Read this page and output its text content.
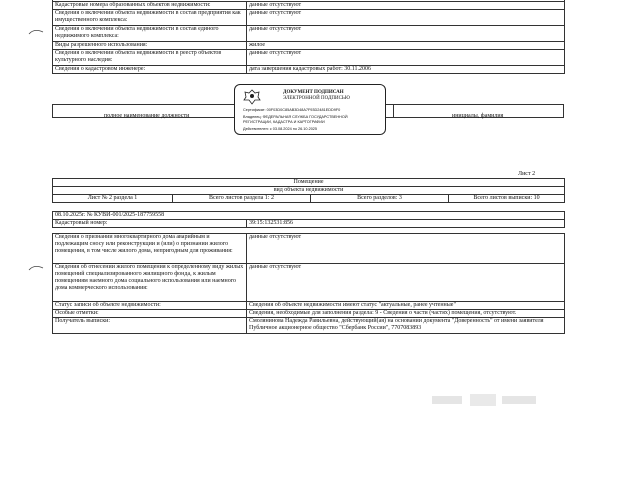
Кадастровые номера образованных объектов недвижимости:	данные отсутствуют
Сведения о включении объекта недвижимости в состав предприятия как имущественного комплекса:	данные отсутствуют
Сведения о включении объекта недвижимости в состав единого недвижимого комплекса:	данные отсутствуют
Виды разрешенного использования:	жилое
Сведения о включении объекта недвижимости в реестр объектов культурного наследия:	данные отсутствуют
Сведения о кадастровом инженере:	дата завершения кадастровых работ: 30.11.2006
полное наименование должности	инициалы, фамилия
ДОКУМЕНТ ПОДПИСАН
ЭЛЕКТРОННОЙ ПОДПИСЬЮ
Сертификат: 00F03D0C85AB3D48A7F93D2481EDD9F0
Владелец: ФЕДЕРАЛЬНАЯ СЛУЖБА ГОСУДАРСТВЕННОЙ РЕГИСТРАЦИИ, КАДАСТРА И КАРТОГРАФИИ
Действителен: с 03.08.2024 по 26.10.2025
Лист 2
Помещение
вид объекта недвижимости
Лист № 2 раздела 1	Всего листов раздела 1: 2	Всего разделов: 3	Всего листов выписки: 10
08.10.2025г. № КУВИ-001/2025-187759558
Кадастровый номер:	39:15:132531:856
Сведения о признании многоквартирного дома аварийным и подлежащим сносу или реконструкции и (или) о признании жилого помещения, в том числе жилого дома, непригодным для проживания:	данные отсутствуют
Сведения об отнесении жилого помещения к определенному виду жилых помещений специализированного жилищного фонда, к жилым помещениям наемного дома социального использования или наемного дома коммерческого использования:	данные отсутствуют
Статус записи об объекте недвижимости:	Сведения об объекте недвижимости имеют статус "актуальные, ранее учтенные"
Особые отметки:	Сведения, необходимые для заполнения раздела: 9 - Сведения о части (частях) помещения, отсутствуют.
Получатель выписки:	Смолянинова Надежда Равильевна, действующий(ая) на основании документа "Доверенность" от имени заявителя Публичное акционерное общество "Сбербанк России", 7707083893
